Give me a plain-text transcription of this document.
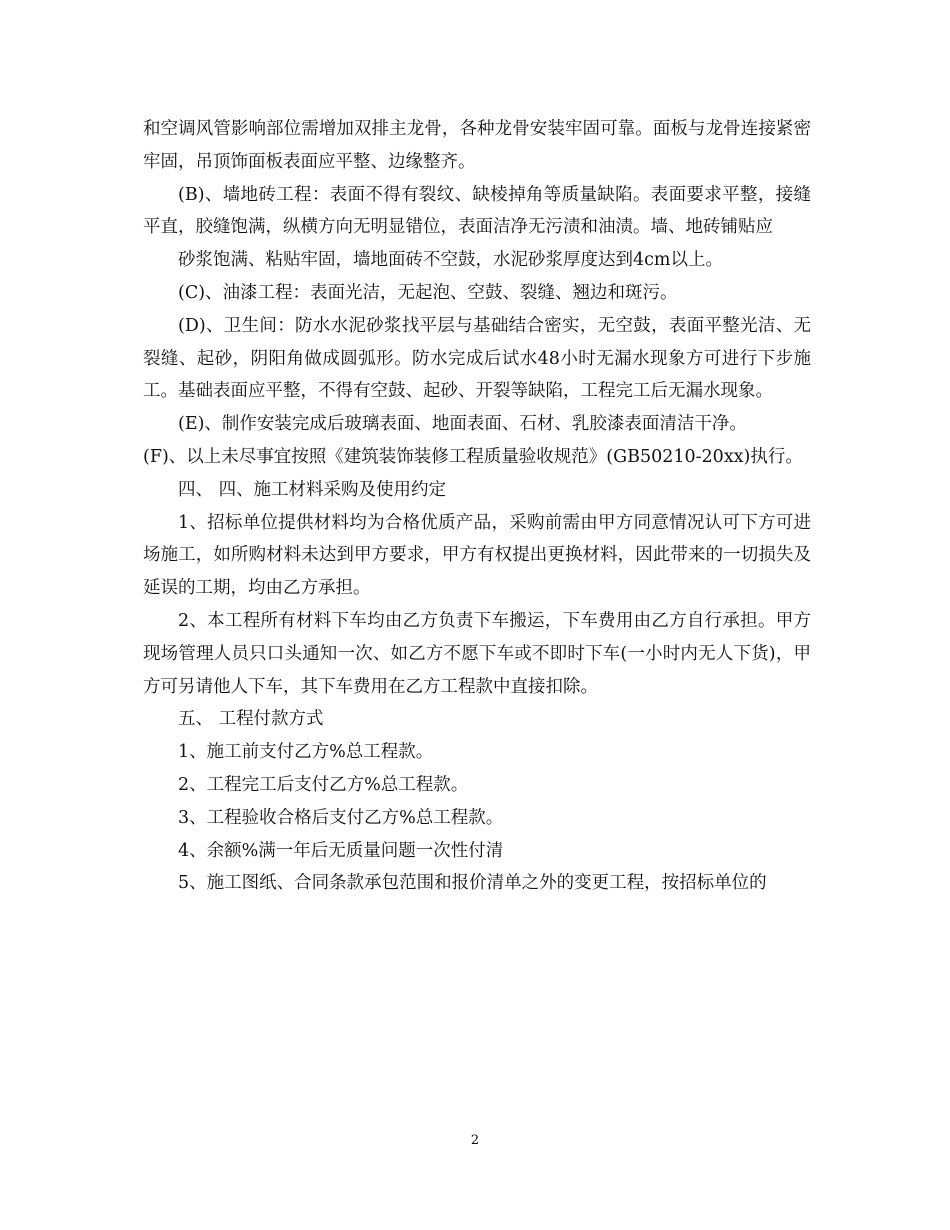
和空调风管影响部位需增加双排主龙骨，各种龙骨安装牢固可靠。面板与龙骨连接紧密牢固，吊顶饰面板表面应平整、边缘整齐。

(B)、墙地砖工程：表面不得有裂纹、缺棱掉角等质量缺陷。表面要求平整，接缝平直，胶缝饱满，纵横方向无明显错位，表面洁净无污渍和油渍。墙、地砖铺贴应

砂浆饱满、粘贴牢固，墙地面砖不空鼓，水泥砂浆厚度达到4cm以上。

(C)、油漆工程：表面光洁，无起泡、空鼓、裂缝、翘边和斑污。

(D)、卫生间：防水水泥砂浆找平层与基础结合密实，无空鼓，表面平整光洁、无裂缝、起砂，阴阳角做成圆弧形。防水完成后试水48小时无漏水现象方可进行下步施工。基础表面应平整，不得有空鼓、起砂、开裂等缺陷，工程完工后无漏水现象。

(E)、制作安装完成后玻璃表面、地面表面、石材、乳胶漆表面清洁干净。

(F)、以上未尽事宜按照《建筑装饰装修工程质量验收规范》(GB50210-20xx)执行。

四、 四、施工材料采购及使用约定

1、招标单位提供材料均为合格优质产品，采购前需由甲方同意情况认可下方可进场施工，如所购材料未达到甲方要求，甲方有权提出更换材料，因此带来的一切损失及延误的工期，均由乙方承担。

2、本工程所有材料下车均由乙方负责下车搬运，下车费用由乙方自行承担。甲方现场管理人员只口头通知一次、如乙方不愿下车或不即时下车(一小时内无人下货)，甲方可另请他人下车，其下车费用在乙方工程款中直接扣除。

五、 工程付款方式

1、施工前支付乙方%总工程款。

2、工程完工后支付乙方%总工程款。

3、工程验收合格后支付乙方%总工程款。

4、余额%满一年后无质量问题一次性付清

5、施工图纸、合同条款承包范围和报价清单之外的变更工程，按招标单位的

2
